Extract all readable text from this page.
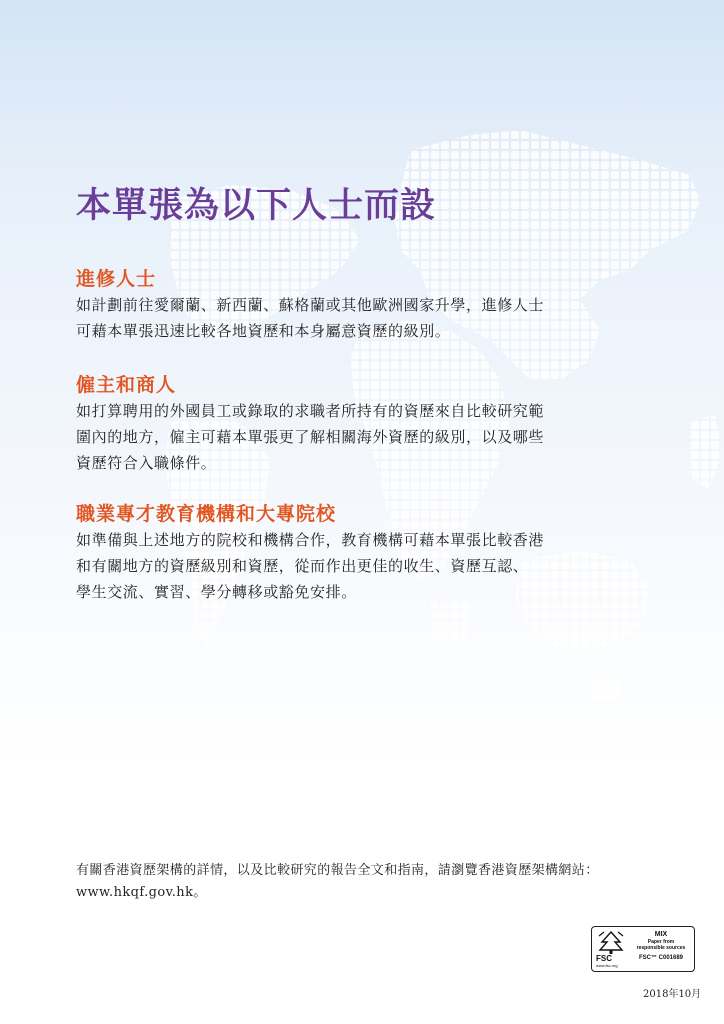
本單張為以下人士而設
進修人士
如計劃前往愛爾蘭、新西蘭、蘇格蘭或其他歐洲國家升學，進修人士
可藉本單張迅速比較各地資歷和本身屬意資歷的級別。
僱主和商人
如打算聘用的外國員工或錄取的求職者所持有的資歷來自比較研究範
圍內的地方，僱主可藉本單張更了解相關海外資歷的級別，以及哪些
資歷符合入職條件。
職業專才教育機構和大專院校
如準備與上述地方的院校和機構合作，教育機構可藉本單張比較香港
和有關地方的資歷級別和資歷，從而作出更佳的收生、資歷互認、
學生交流、實習、學分轉移或豁免安排。
有關香港資歷架構的詳情，以及比較研究的報告全文和指南，請瀏覽香港資歷架構網站：
www.hkqf.gov.hk。
FSC
www.fsc.org
MIX
Paper from
responsible sources
FSC™ C001689
2018年10月
